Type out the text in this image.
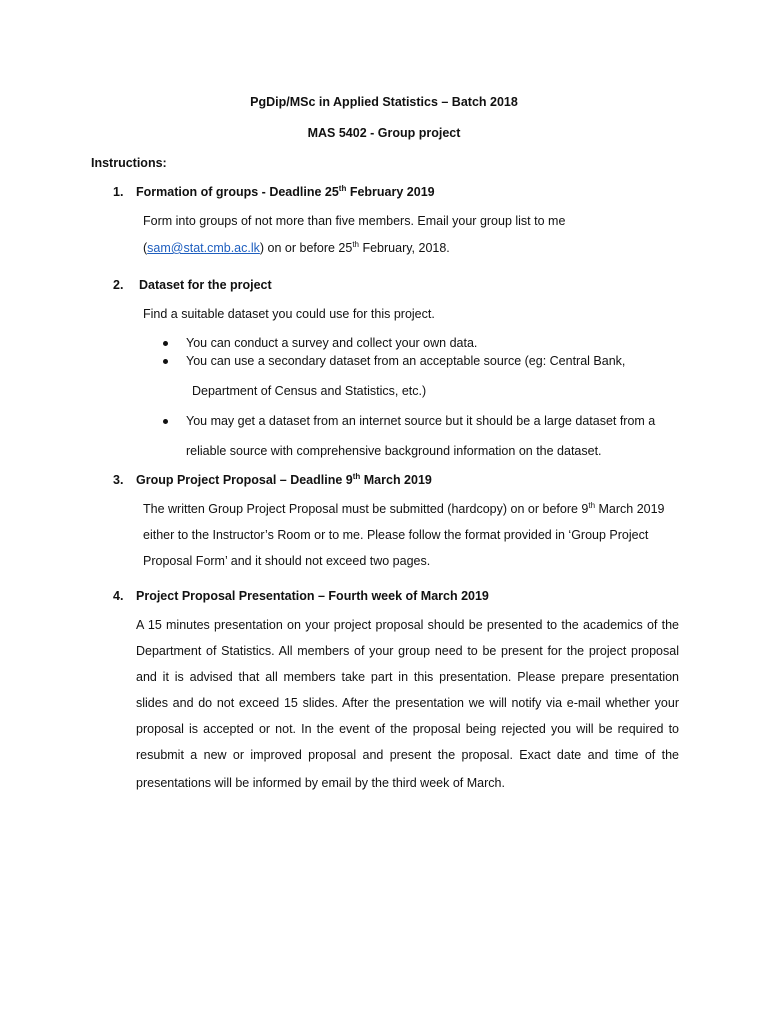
PgDip/MSc in Applied Statistics – Batch 2018
MAS 5402 - Group project
Instructions:
1. Formation of groups - Deadline 25th February 2019
Form into groups of not more than five members. Email your group list to me
(sam@stat.cmb.ac.lk) on or before 25th February, 2018.
2. Dataset for the project
Find a suitable dataset you could use for this project.
You can conduct a survey and collect your own data.
You can use a secondary dataset from an acceptable source (eg: Central Bank,
Department of Census and Statistics, etc.)
You may get a dataset from an internet source but it should be a large dataset from a
reliable source with comprehensive background information on the dataset.
3. Group Project Proposal – Deadline 9th March 2019
The written Group Project Proposal must be submitted (hardcopy) on or before 9th March 2019
either to the Instructor’s Room or to me. Please follow the format provided in ‘Group Project
Proposal Form’ and it should not exceed two pages.
4. Project Proposal Presentation – Fourth week of March 2019
A 15 minutes presentation on your project proposal should be presented to the academics of the
Department of Statistics. All members of your group need to be present for the project proposal
and it is advised that all members take part in this presentation. Please prepare presentation
slides and do not exceed 15 slides. After the presentation we will notify via e-mail whether your
proposal is accepted or not. In the event of the proposal being rejected you will be required to
resubmit a new or improved proposal and present the proposal. Exact date and time of the
presentations will be informed by email by the third week of March.
